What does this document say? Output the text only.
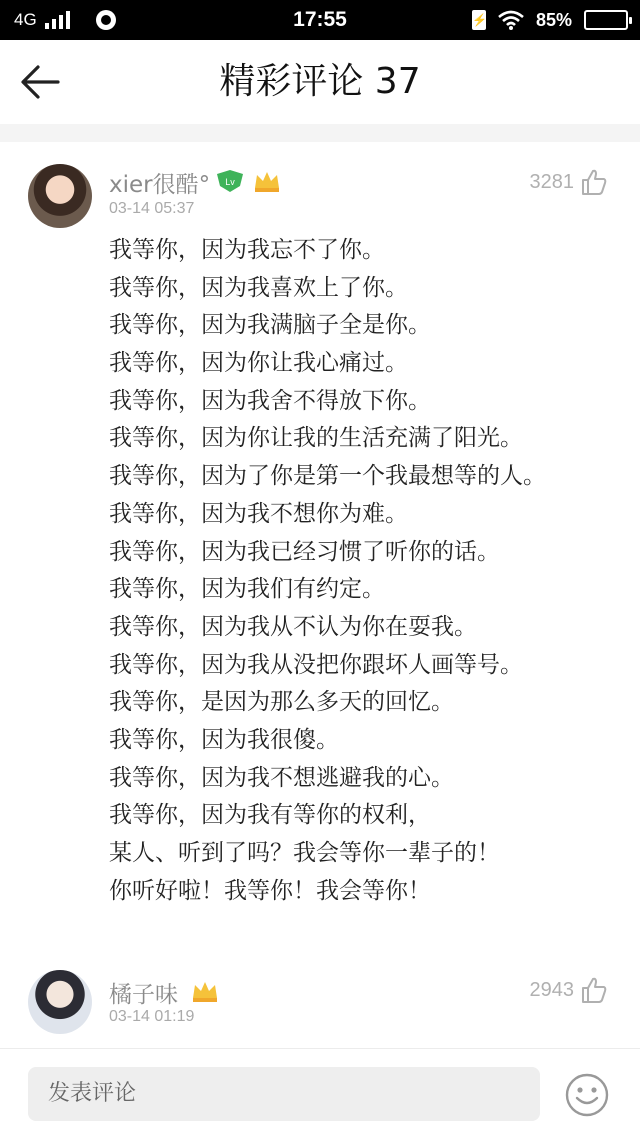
4G	17:55
⚡	85%
精彩评论 37
xier很酷° Lv
03-14 05:37
3281
我等你，因为我忘不了你。
我等你，因为我喜欢上了你。
我等你，因为我满脑子全是你。
我等你，因为你让我心痛过。
我等你，因为我舍不得放下你。
我等你，因为你让我的生活充满了阳光。
我等你，因为了你是第一个我最想等的人。
我等你，因为我不想你为难。
我等你，因为我已经习惯了听你的话。
我等你，因为我们有约定。
我等你，因为我从不认为你在耍我。
我等你，因为我从没把你跟坏人画等号。
我等你，是因为那么多天的回忆。
我等你，因为我很傻。
我等你，因为我不想逃避我的心。
我等你，因为我有等你的权利，
某人、听到了吗？我会等你一辈子的！
你听好啦！我等你！我会等你！
橘子味
03-14 01:19
2943
发表评论
